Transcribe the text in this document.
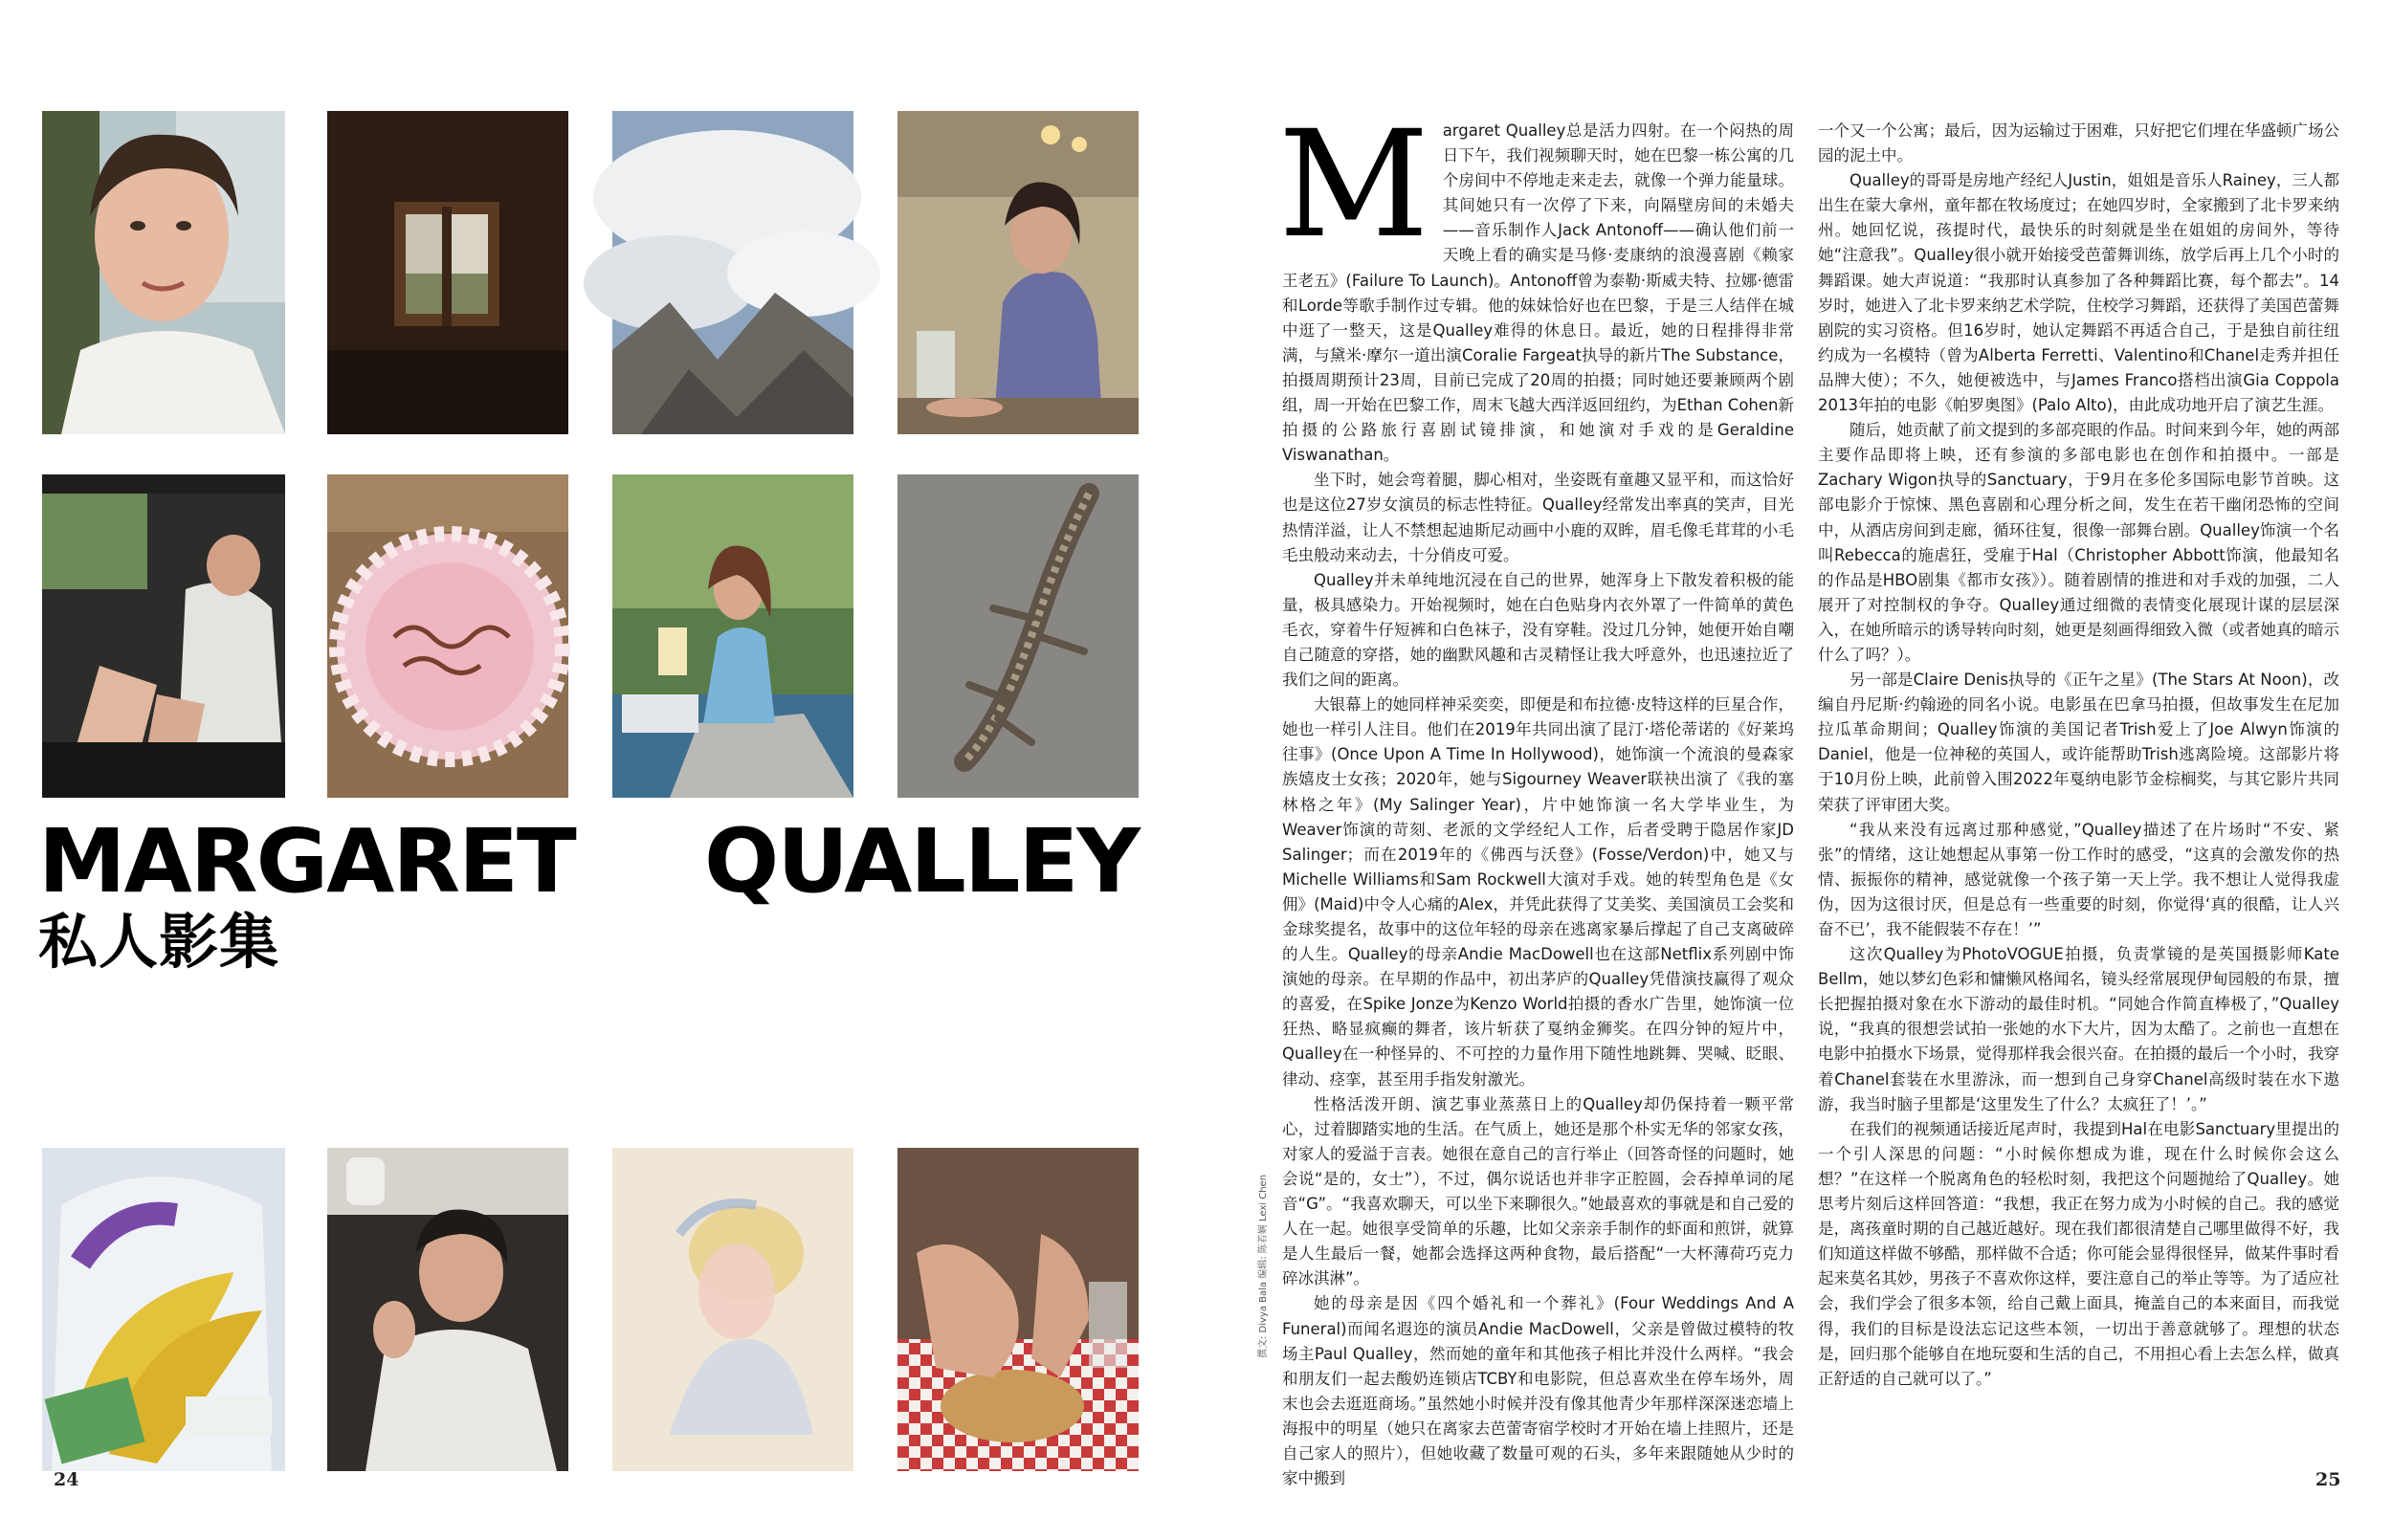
MARGARET QUALLEY
私人影集
撰文: Divya Bala 编辑: 陈若娴 Lexi Chen

Margaret Qualley总是活力四射。在一个闷热的周日下午，我们视频聊天时，她在巴黎一栋公寓的几个房间中不停地走来走去，就像一个弹力能量球。其间她只有一次停了下来，向隔壁房间的未婚夫——音乐制作人Jack Antonoff——确认他们前一天晚上看的确实是马修·麦康纳的浪漫喜剧《赖家王老五》(Failure To Launch)。Antonoff曾为泰勒·斯威夫特、拉娜·德雷和Lorde等歌手制作过专辑。他的妹妹恰好也在巴黎，于是三人结伴在城中逛了一整天，这是Qualley难得的休息日。最近，她的日程排得非常满，与黛米·摩尔一道出演Coralie Fargeat执导的新片The Substance，拍摄周期预计23周，目前已完成了20周的拍摄；同时她还要兼顾两个剧组，周一开始在巴黎工作，周末飞越大西洋返回纽约，为Ethan Cohen新拍摄的公路旅行喜剧试镜排演，和她演对手戏的是Geraldine Viswanathan。

坐下时，她会弯着腿，脚心相对，坐姿既有童趣又显平和，而这恰好也是这位27岁女演员的标志性特征。Qualley经常发出率真的笑声，目光热情洋溢，让人不禁想起迪斯尼动画中小鹿的双眸，眉毛像毛茸茸的小毛毛虫般动来动去，十分俏皮可爱。

Qualley并未单纯地沉浸在自己的世界，她浑身上下散发着积极的能量，极具感染力。开始视频时，她在白色贴身内衣外罩了一件简单的黄色毛衣，穿着牛仔短裤和白色袜子，没有穿鞋。没过几分钟，她便开始自嘲自己随意的穿搭，她的幽默风趣和古灵精怪让我大呼意外，也迅速拉近了我们之间的距离。

大银幕上的她同样神采奕奕，即便是和布拉德·皮特这样的巨星合作，她也一样引人注目。他们在2019年共同出演了昆汀·塔伦蒂诺的《好莱坞往事》(Once Upon A Time In Hollywood)，她饰演一个流浪的曼森家族嬉皮士女孩；2020年，她与Sigourney Weaver联袂出演了《我的塞林格之年》(My Salinger Year)，片中她饰演一名大学毕业生，为Weaver饰演的苛刻、老派的文学经纪人工作，后者受聘于隐居作家JD Salinger；而在2019年的《佛西与沃登》(Fosse/Verdon)中，她又与Michelle Williams和Sam Rockwell大演对手戏。她的转型角色是《女佣》(Maid)中令人心痛的Alex，并凭此获得了艾美奖、美国演员工会奖和金球奖提名，故事中的这位年轻的母亲在逃离家暴后撑起了自己支离破碎的人生。Qualley的母亲Andie MacDowell也在这部Netflix系列剧中饰演她的母亲。在早期的作品中，初出茅庐的Qualley凭借演技赢得了观众的喜爱，在Spike Jonze为Kenzo World拍摄的香水广告里，她饰演一位狂热、略显疯癫的舞者，该片斩获了戛纳金狮奖。在四分钟的短片中，Qualley在一种怪异的、不可控的力量作用下随性地跳舞、哭喊、眨眼、律动、痉挛，甚至用手指发射激光。

性格活泼开朗、演艺事业蒸蒸日上的Qualley却仍保持着一颗平常心，过着脚踏实地的生活。在气质上，她还是那个朴实无华的邻家女孩，对家人的爱溢于言表。她很在意自己的言行举止（回答奇怪的问题时，她会说“是的，女士”），不过，偶尔说话也并非字正腔圆，会吞掉单词的尾音“G”。“我喜欢聊天，可以坐下来聊很久。”她最喜欢的事就是和自己爱的人在一起。她很享受简单的乐趣，比如父亲亲手制作的虾面和煎饼，就算是人生最后一餐，她都会选择这两种食物，最后搭配“一大杯薄荷巧克力碎冰淇淋”。

她的母亲是因《四个婚礼和一个葬礼》(Four Weddings And A Funeral)而闻名遐迩的演员Andie MacDowell，父亲是曾做过模特的牧场主Paul Qualley，然而她的童年和其他孩子相比并没什么两样。“我会和朋友们一起去酸奶连锁店TCBY和电影院，但总喜欢坐在停车场外，周末也会去逛逛商场。”虽然她小时候并没有像其他青少年那样深深迷恋墙上海报中的明星（她只在离家去芭蕾寄宿学校时才开始在墙上挂照片，还是自己家人的照片），但她收藏了数量可观的石头，多年来跟随她从少时的家中搬到

一个又一个公寓；最后，因为运输过于困难，只好把它们埋在华盛顿广场公园的泥土中。

Qualley的哥哥是房地产经纪人Justin，姐姐是音乐人Rainey，三人都出生在蒙大拿州，童年都在牧场度过；在她四岁时，全家搬到了北卡罗来纳州。她回忆说，孩提时代，最快乐的时刻就是坐在姐姐的房间外，等待她“注意我”。Qualley很小就开始接受芭蕾舞训练，放学后再上几个小时的舞蹈课。她大声说道：“我那时认真参加了各种舞蹈比赛，每个都去”。14岁时，她进入了北卡罗来纳艺术学院，住校学习舞蹈，还获得了美国芭蕾舞剧院的实习资格。但16岁时，她认定舞蹈不再适合自己，于是独自前往纽约成为一名模特（曾为Alberta Ferretti、Valentino和Chanel走秀并担任品牌大使）；不久，她便被选中，与James Franco搭档出演Gia Coppola 2013年拍的电影《帕罗奥图》(Palo Alto)，由此成功地开启了演艺生涯。

随后，她贡献了前文提到的多部亮眼的作品。时间来到今年，她的两部主要作品即将上映，还有参演的多部电影也在创作和拍摄中。一部是Zachary Wigon执导的Sanctuary，于9月在多伦多国际电影节首映。这部电影介于惊悚、黑色喜剧和心理分析之间，发生在若干幽闭恐怖的空间中，从酒店房间到走廊，循环往复，很像一部舞台剧。Qualley饰演一个名叫Rebecca的施虐狂，受雇于Hal（Christopher Abbott饰演，他最知名的作品是HBO剧集《都市女孩》）。随着剧情的推进和对手戏的加强，二人展开了对控制权的争夺。Qualley通过细微的表情变化展现计谋的层层深入，在她所暗示的诱导转向时刻，她更是刻画得细致入微（或者她真的暗示什么了吗？）。

另一部是Claire Denis执导的《正午之星》(The Stars At Noon)，改编自丹尼斯·约翰逊的同名小说。电影虽在巴拿马拍摄，但故事发生在尼加拉瓜革命期间；Qualley饰演的美国记者Trish爱上了Joe Alwyn饰演的Daniel，他是一位神秘的英国人，或许能帮助Trish逃离险境。这部影片将于10月份上映，此前曾入围2022年戛纳电影节金棕榈奖，与其它影片共同荣获了评审团大奖。

“我从来没有远离过那种感觉，”Qualley描述了在片场时“不安、紧张”的情绪，这让她想起从事第一份工作时的感受，“这真的会激发你的热情、振振你的精神，感觉就像一个孩子第一天上学。我不想让人觉得我虚伪，因为这很讨厌，但是总有一些重要的时刻，你觉得‘真的很酷，让人兴奋不已’，我不能假装不存在！’”

这次Qualley为PhotoVOGUE拍摄，负责掌镜的是英国摄影师Kate Bellm，她以梦幻色彩和慵懒风格闻名，镜头经常展现伊甸园般的布景，擅长把握拍摄对象在水下游动的最佳时机。“同她合作简直棒极了，”Qualley说，“我真的很想尝试拍一张她的水下大片，因为太酷了。之前也一直想在电影中拍摄水下场景，觉得那样我会很兴奋。在拍摄的最后一个小时，我穿着Chanel套装在水里游泳，而一想到自己身穿Chanel高级时装在水下遨游，我当时脑子里都是‘这里发生了什么？太疯狂了！’。”

在我们的视频通话接近尾声时，我提到Hal在电影Sanctuary里提出的一个引人深思的问题：“小时候你想成为谁，现在什么时候你会这么想？”在这样一个脱离角色的轻松时刻，我把这个问题抛给了Qualley。她思考片刻后这样回答道：“我想，我正在努力成为小时候的自己。我的感觉是，离孩童时期的自己越近越好。现在我们都很清楚自己哪里做得不好，我们知道这样做不够酷，那样做不合适；你可能会显得很怪异，做某件事时看起来莫名其妙，男孩子不喜欢你这样，要注意自己的举止等等。为了适应社会，我们学会了很多本领，给自己戴上面具，掩盖自己的本来面目，而我觉得，我们的目标是设法忘记这些本领，一切出于善意就够了。理想的状态是，回归那个能够自在地玩耍和生活的自己，不用担心看上去怎么样，做真正舒适的自己就可以了。”

24	25
